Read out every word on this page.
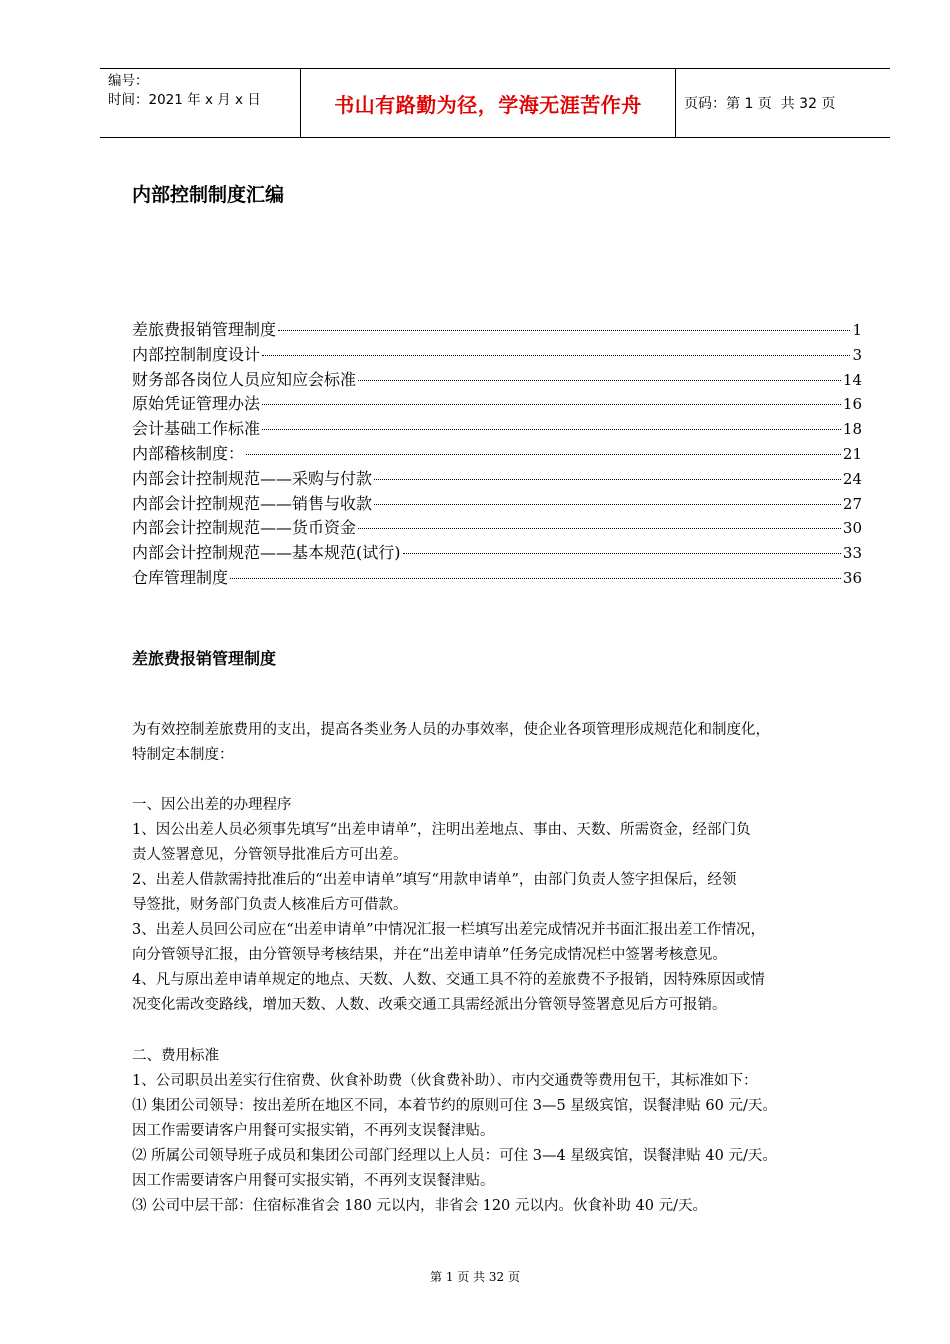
编号：
时间：2021 年 x 月 x 日	书山有路勤为径，学海无涯苦作舟	页码：第 1 页  共 32 页
内部控制制度汇编
差旅费报销管理制度	1
内部控制制度设计	3
财务部各岗位人员应知应会标准	14
原始凭证管理办法	16
会计基础工作标准	18
内部稽核制度：	21
内部会计控制规范——采购与付款	24
内部会计控制规范——销售与收款	27
内部会计控制规范——货币资金	30
内部会计控制规范——基本规范(试行)	33
仓库管理制度	36
差旅费报销管理制度

为有效控制差旅费用的支出，提高各类业务人员的办事效率，使企业各项管理形成规范化和制度化，

特制定本制度：

一、因公出差的办理程序

1、因公出差人员必须事先填写“出差申请单”，注明出差地点、事由、天数、所需资金，经部门负

责人签署意见，分管领导批准后方可出差。

2、出差人借款需持批准后的“出差申请单”填写“用款申请单”，由部门负责人签字担保后，经领

导签批，财务部门负责人核准后方可借款。

3、出差人员回公司应在“出差申请单”中情况汇报一栏填写出差完成情况并书面汇报出差工作情况，

向分管领导汇报，由分管领导考核结果，并在“出差申请单”任务完成情况栏中签署考核意见。

4、凡与原出差申请单规定的地点、天数、人数、交通工具不符的差旅费不予报销，因特殊原因或情

况变化需改变路线，增加天数、人数、改乘交通工具需经派出分管领导签署意见后方可报销。

二、费用标准

1、公司职员出差实行住宿费、伙食补助费（伙食费补助）、市内交通费等费用包干，其标准如下：

⑴ 集团公司领导：按出差所在地区不同，本着节约的原则可住 3—5 星级宾馆，误餐津贴 60 元/天。

因工作需要请客户用餐可实报实销，不再列支误餐津贴。

⑵ 所属公司领导班子成员和集团公司部门经理以上人员：可住 3—4 星级宾馆，误餐津贴 40 元/天。

因工作需要请客户用餐可实报实销，不再列支误餐津贴。

⑶ 公司中层干部：住宿标准省会 180 元以内，非省会 120 元以内。伙食补助 40 元/天。

第 1 页 共 32 页
